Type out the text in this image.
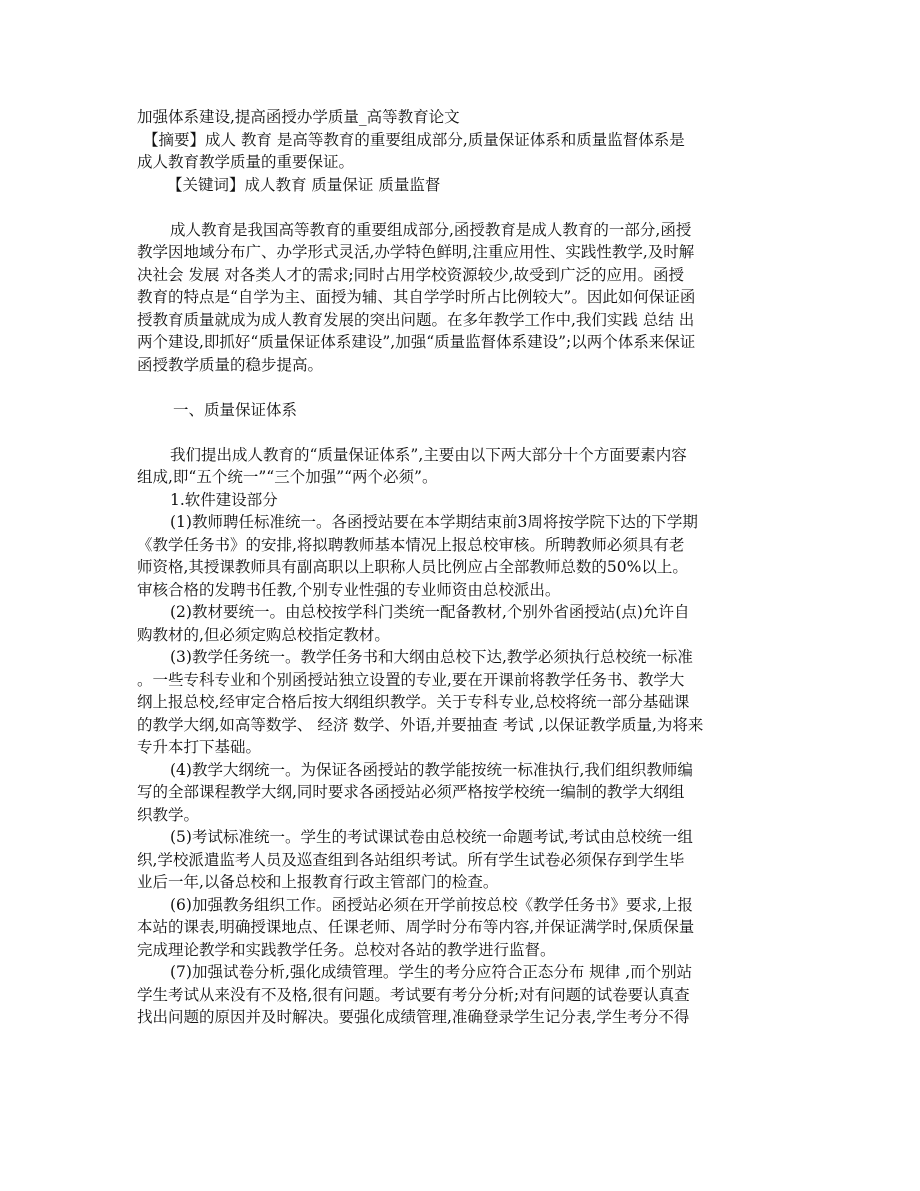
加强体系建设,提高函授办学质量_高等教育论文
【摘要】成人 教育 是高等教育的重要组成部分,质量保证体系和质量监督体系是
成人教育教学质量的重要保证。
【关键词】成人教育 质量保证 质量监督
成人教育是我国高等教育的重要组成部分,函授教育是成人教育的一部分,函授
教学因地域分布广、办学形式灵活,办学特色鲜明,注重应用性、实践性教学,及时解
决社会 发展 对各类人才的需求;同时占用学校资源较少,故受到广泛的应用。函授
教育的特点是“自学为主、面授为辅、其自学学时所占比例较大”。因此如何保证函
授教育质量就成为成人教育发展的突出问题。在多年教学工作中,我们实践 总结 出
两个建设,即抓好“质量保证体系建设”,加强“质量监督体系建设”;以两个体系来保证
函授教学质量的稳步提高。
一、质量保证体系
我们提出成人教育的“质量保证体系”,主要由以下两大部分十个方面要素内容
组成,即“五个统一”“三个加强”“两个必须”。
1.软件建设部分
(1)教师聘任标准统一。各函授站要在本学期结束前3周将按学院下达的下学期
《教学任务书》的安排,将拟聘教师基本情况上报总校审核。所聘教师必须具有老
师资格,其授课教师具有副高职以上职称人员比例应占全部教师总数的50%以上。
审核合格的发聘书任教,个别专业性强的专业师资由总校派出。
(2)教材要统一。由总校按学科门类统一配备教材,个别外省函授站(点)允许自
购教材的,但必须定购总校指定教材。
(3)教学任务统一。教学任务书和大纲由总校下达,教学必须执行总校统一标准
。一些专科专业和个别函授站独立设置的专业,要在开课前将教学任务书、教学大
纲上报总校,经审定合格后按大纲组织教学。关于专科专业,总校将统一部分基础课
的教学大纲,如高等数学、 经济 数学、外语,并要抽查 考试 ,以保证教学质量,为将来
专升本打下基础。
(4)教学大纲统一。为保证各函授站的教学能按统一标准执行,我们组织教师编
写的全部课程教学大纲,同时要求各函授站必须严格按学校统一编制的教学大纲组
织教学。
(5)考试标准统一。学生的考试课试卷由总校统一命题考试,考试由总校统一组
织,学校派遣监考人员及巡查组到各站组织考试。所有学生试卷必须保存到学生毕
业后一年,以备总校和上报教育行政主管部门的检查。
(6)加强教务组织工作。函授站必须在开学前按总校《教学任务书》要求,上报
本站的课表,明确授课地点、任课老师、周学时分布等内容,并保证满学时,保质保量
完成理论教学和实践教学任务。总校对各站的教学进行监督。
(7)加强试卷分析,强化成绩管理。学生的考分应符合正态分布 规律 ,而个别站
学生考试从来没有不及格,很有问题。考试要有考分分析;对有问题的试卷要认真查
找出问题的原因并及时解决。要强化成绩管理,准确登录学生记分表,学生考分不得
